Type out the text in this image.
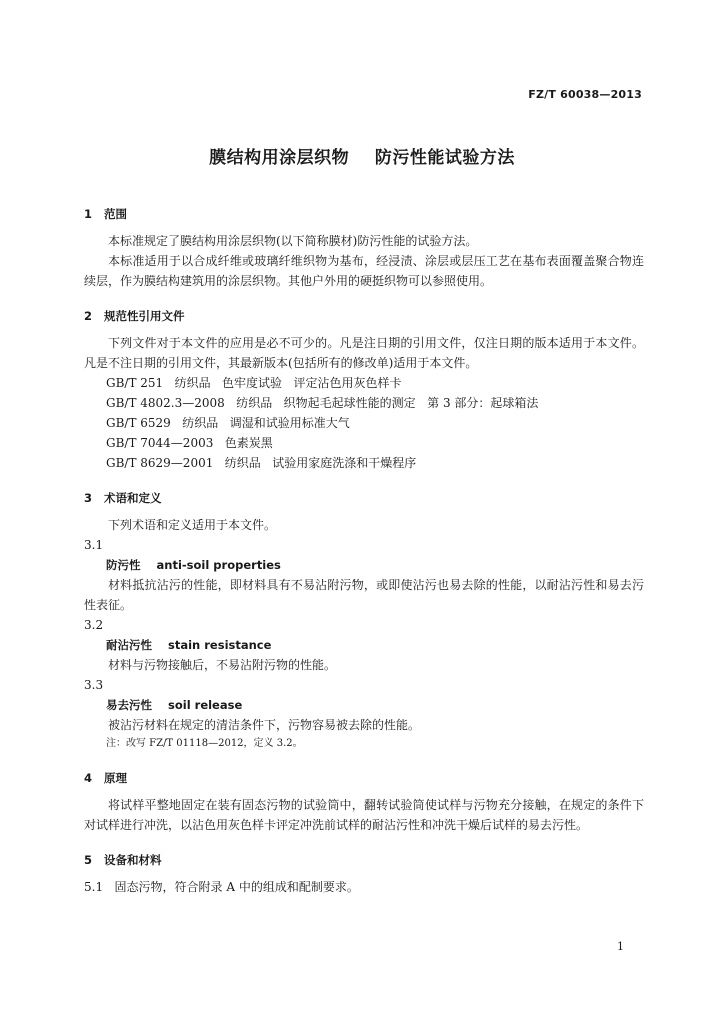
FZ/T 60038—2013
膜结构用涂层织物    防污性能试验方法
1   范围

本标准规定了膜结构用涂层织物(以下简称膜材)防污性能的试验方法。

本标准适用于以合成纤维或玻璃纤维织物为基布，经浸渍、涂层或层压工艺在基布表面覆盖聚合物连续层，作为膜结构建筑用的涂层织物。其他户外用的硬挺织物可以参照使用。

2   规范性引用文件

下列文件对于本文件的应用是必不可少的。凡是注日期的引用文件，仅注日期的版本适用于本文件。凡是不注日期的引用文件，其最新版本(包括所有的修改单)适用于本文件。

GB/T 251   纺织品   色牢度试验   评定沾色用灰色样卡
GB/T 4802.3—2008   纺织品   织物起毛起球性能的测定   第 3 部分：起球箱法
GB/T 6529   纺织品   调湿和试验用标准大气
GB/T 7044—2003   色素炭黑
GB/T 8629—2001   纺织品   试验用家庭洗涤和干燥程序
3   术语和定义

下列术语和定义适用于本文件。

3.1
防污性    anti-soil properties

材料抵抗沾污的性能，即材料具有不易沾附污物，或即使沾污也易去除的性能，以耐沾污性和易去污性表征。

3.2
耐沾污性    stain resistance

材料与污物接触后，不易沾附污物的性能。

3.3
易去污性    soil release

被沾污材料在规定的清洁条件下，污物容易被去除的性能。

注：改写 FZ/T 01118—2012，定义 3.2。
4   原理

将试样平整地固定在装有固态污物的试验筒中，翻转试验筒使试样与污物充分接触，在规定的条件下对试样进行冲洗，以沾色用灰色样卡评定冲洗前试样的耐沾污性和冲洗干燥后试样的易去污性。

5   设备和材料
5.1   固态污物，符合附录 A 中的组成和配制要求。
1
